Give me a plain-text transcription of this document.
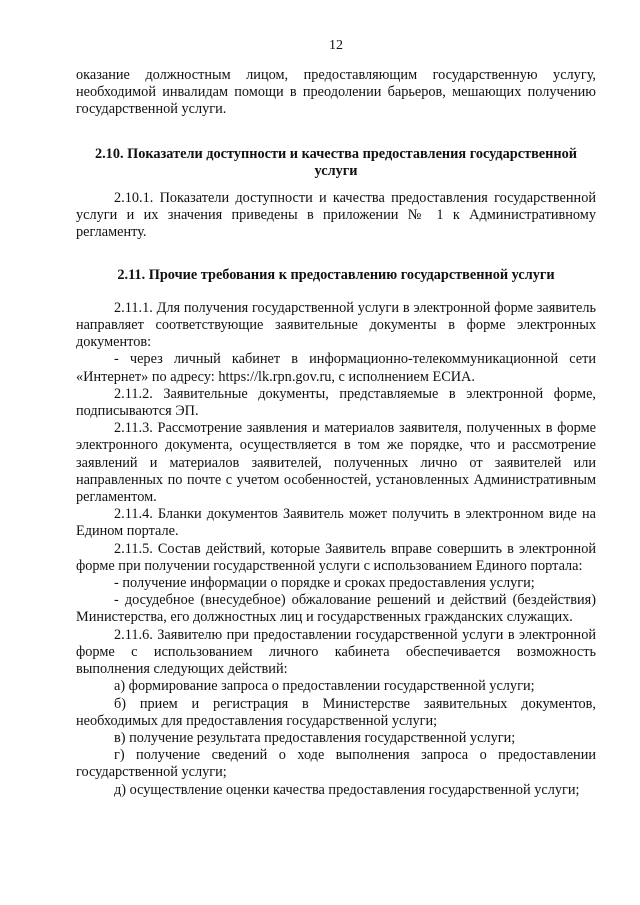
12

оказание должностным лицом, предоставляющим государственную услугу, необходимой инвалидам помощи в преодолении барьеров, мешающих получению государственной услуги.

2.10. Показатели доступности и качества предоставления государственной услуги

2.10.1. Показатели доступности и качества предоставления государственной услуги и их значения приведены в приложении № 1 к Административному регламенту.

2.11. Прочие требования к предоставлению государственной услуги

2.11.1. Для получения государственной услуги в электронной форме заявитель направляет соответствующие заявительные документы в форме электронных документов:

- через личный кабинет в информационно-телекоммуникационной сети «Интернет» по адресу: https://lk.rpn.gov.ru, с исполнением ЕСИА.

2.11.2. Заявительные документы, представляемые в электронной форме, подписываются ЭП.

2.11.3. Рассмотрение заявления и материалов заявителя, полученных в форме электронного документа, осуществляется в том же порядке, что и рассмотрение заявлений и материалов заявителей, полученных лично от заявителей или направленных по почте с учетом особенностей, установленных Административным регламентом.

2.11.4. Бланки документов Заявитель может получить в электронном виде на Едином портале.

2.11.5. Состав действий, которые Заявитель вправе совершить в электронной форме при получении государственной услуги с использованием Единого портала:

- получение информации о порядке и сроках предоставления услуги;

- досудебное (внесудебное) обжалование решений и действий (бездействия) Министерства, его должностных лиц и государственных гражданских служащих.

2.11.6. Заявителю при предоставлении государственной услуги в электронной форме с использованием личного кабинета обеспечивается возможность выполнения следующих действий:

а) формирование запроса о предоставлении государственной услуги;

б) прием и регистрация в Министерстве заявительных документов, необходимых для предоставления государственной услуги;

в) получение результата предоставления государственной услуги;

г) получение сведений о ходе выполнения запроса о предоставлении государственной услуги;

д) осуществление оценки качества предоставления государственной услуги;
